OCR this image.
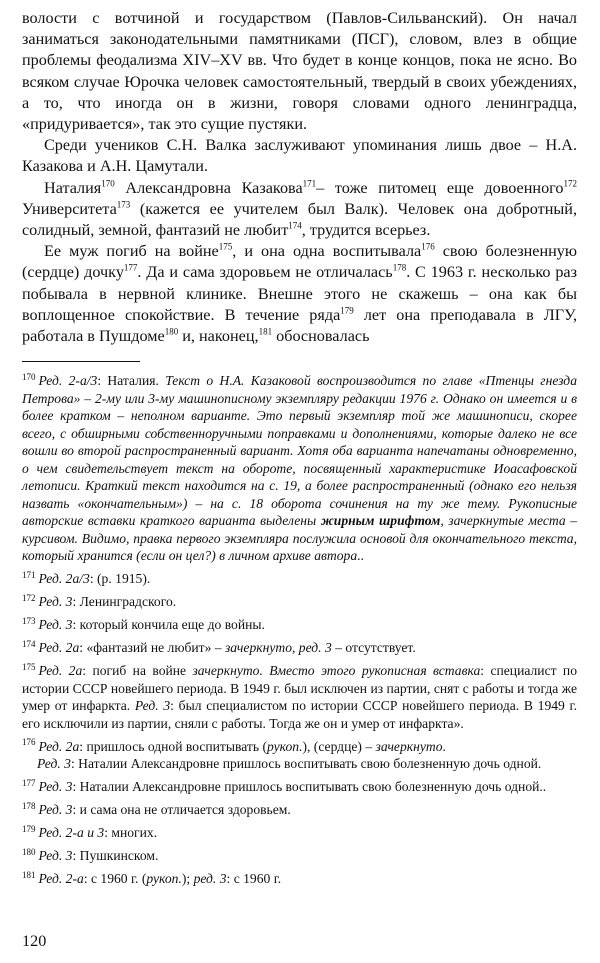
волости с вотчиной и государством (Павлов-Сильванский). Он начал заниматься законодательными памятниками (ПСГ), словом, влез в общие проблемы феодализма XIV–XV вв. Что будет в конце концов, пока не ясно. Во всяком случае Юрочка человек самостоятельный, твердый в своих убеждениях, а то, что иногда он в жизни, говоря словами одного ленинградца, «придуривается», так это сущие пустяки.

Среди учеников С.Н. Валка заслуживают упоминания лишь двое – Н.А. Казакова и А.Н. Цамутали.

Наталия$^{170}$ Александровна Казакова$^{171}$– тоже питомец еще довоенного$^{172}$ Университета$^{173}$ (кажется ее учителем был Валк). Человек она добротный, солидный, земной, фантазий не любит$^{174}$, трудится всерьез.

Ее муж погиб на войне$^{175}$, и она одна воспитывала$^{176}$ свою болезненную (сердце) дочку$^{177}$. Да и сама здоровьем не отличалась$^{178}$. С 1963 г. несколько раз побывала в нервной клинике. Внешне этого не скажешь – она как бы воплощенное спокойствие. В течение ряда$^{179}$ лет она преподавала в ЛГУ, работала в Пушдоме$^{180}$ и, наконец,$^{181}$ обосновалась

$^{170}$ Ред. 2-а/3: Наталия. Текст о Н.А. Казаковой воспроизводится по главе «Птенцы гнезда Петрова» – 2-му или 3-му машинописному экземпляру редакции 1976 г. Однако он имеется и в более кратком – неполном варианте. Это первый экземпляр той же машинописи, скорее всего, с обширными собственноручными поправками и дополнениями, которые далеко не все вошли во второй распространенный вариант. Хотя оба варианта напечатаны одновременно, о чем свидетельствует текст на обороте, посвященный характеристике Иоасафовской летописи. Краткий текст находится на с. 19, а более распространенный (однако его нельзя назвать «окончательным») – на с. 18 оборота сочинения на ту же тему. Рукописные авторские вставки краткого варианта выделены жирным шрифтом, зачеркнутые места – курсивом. Видимо, правка первого экземпляра послужила основой для окончательного текста, который хранится (если он цел?) в личном архиве автора..
$^{171}$ Ред. 2а/3: (р. 1915).
$^{172}$ Ред. 3: Ленинградского.
$^{173}$ Ред. 3: который кончила еще до войны.
$^{174}$ Ред. 2а: «фантазий не любит» – зачеркнуто, ред. 3 – отсутствует.
$^{175}$ Ред. 2а: погиб на войне зачеркнуто. Вместо этого рукописная вставка: специалист по истории СССР новейшего периода. В 1949 г. был исключен из партии, снят с работы и тогда же умер от инфаркта. Ред. 3: был специалистом по истории СССР новейшего периода. В 1949 г. его исключили из партии, сняли с работы. Тогда же он и умер от инфаркта».
$^{176}$ Ред. 2а: пришлось одной воспитывать (рукоп.), (сердце) – зачеркнуто.
Ред. 3: Наталии Александровне пришлось воспитывать свою болезненную дочь одной.
$^{177}$ Ред. 3: Наталии Александровне пришлось воспитывать свою болезненную дочь одной..
$^{178}$ Ред. 3: и сама она не отличается здоровьем.
$^{179}$ Ред. 2-а и 3: многих.
$^{180}$ Ред. 3: Пушкинском.
$^{181}$ Ред. 2-а: с 1960 г. (рукоп.); ред. 3: с 1960 г.
120
